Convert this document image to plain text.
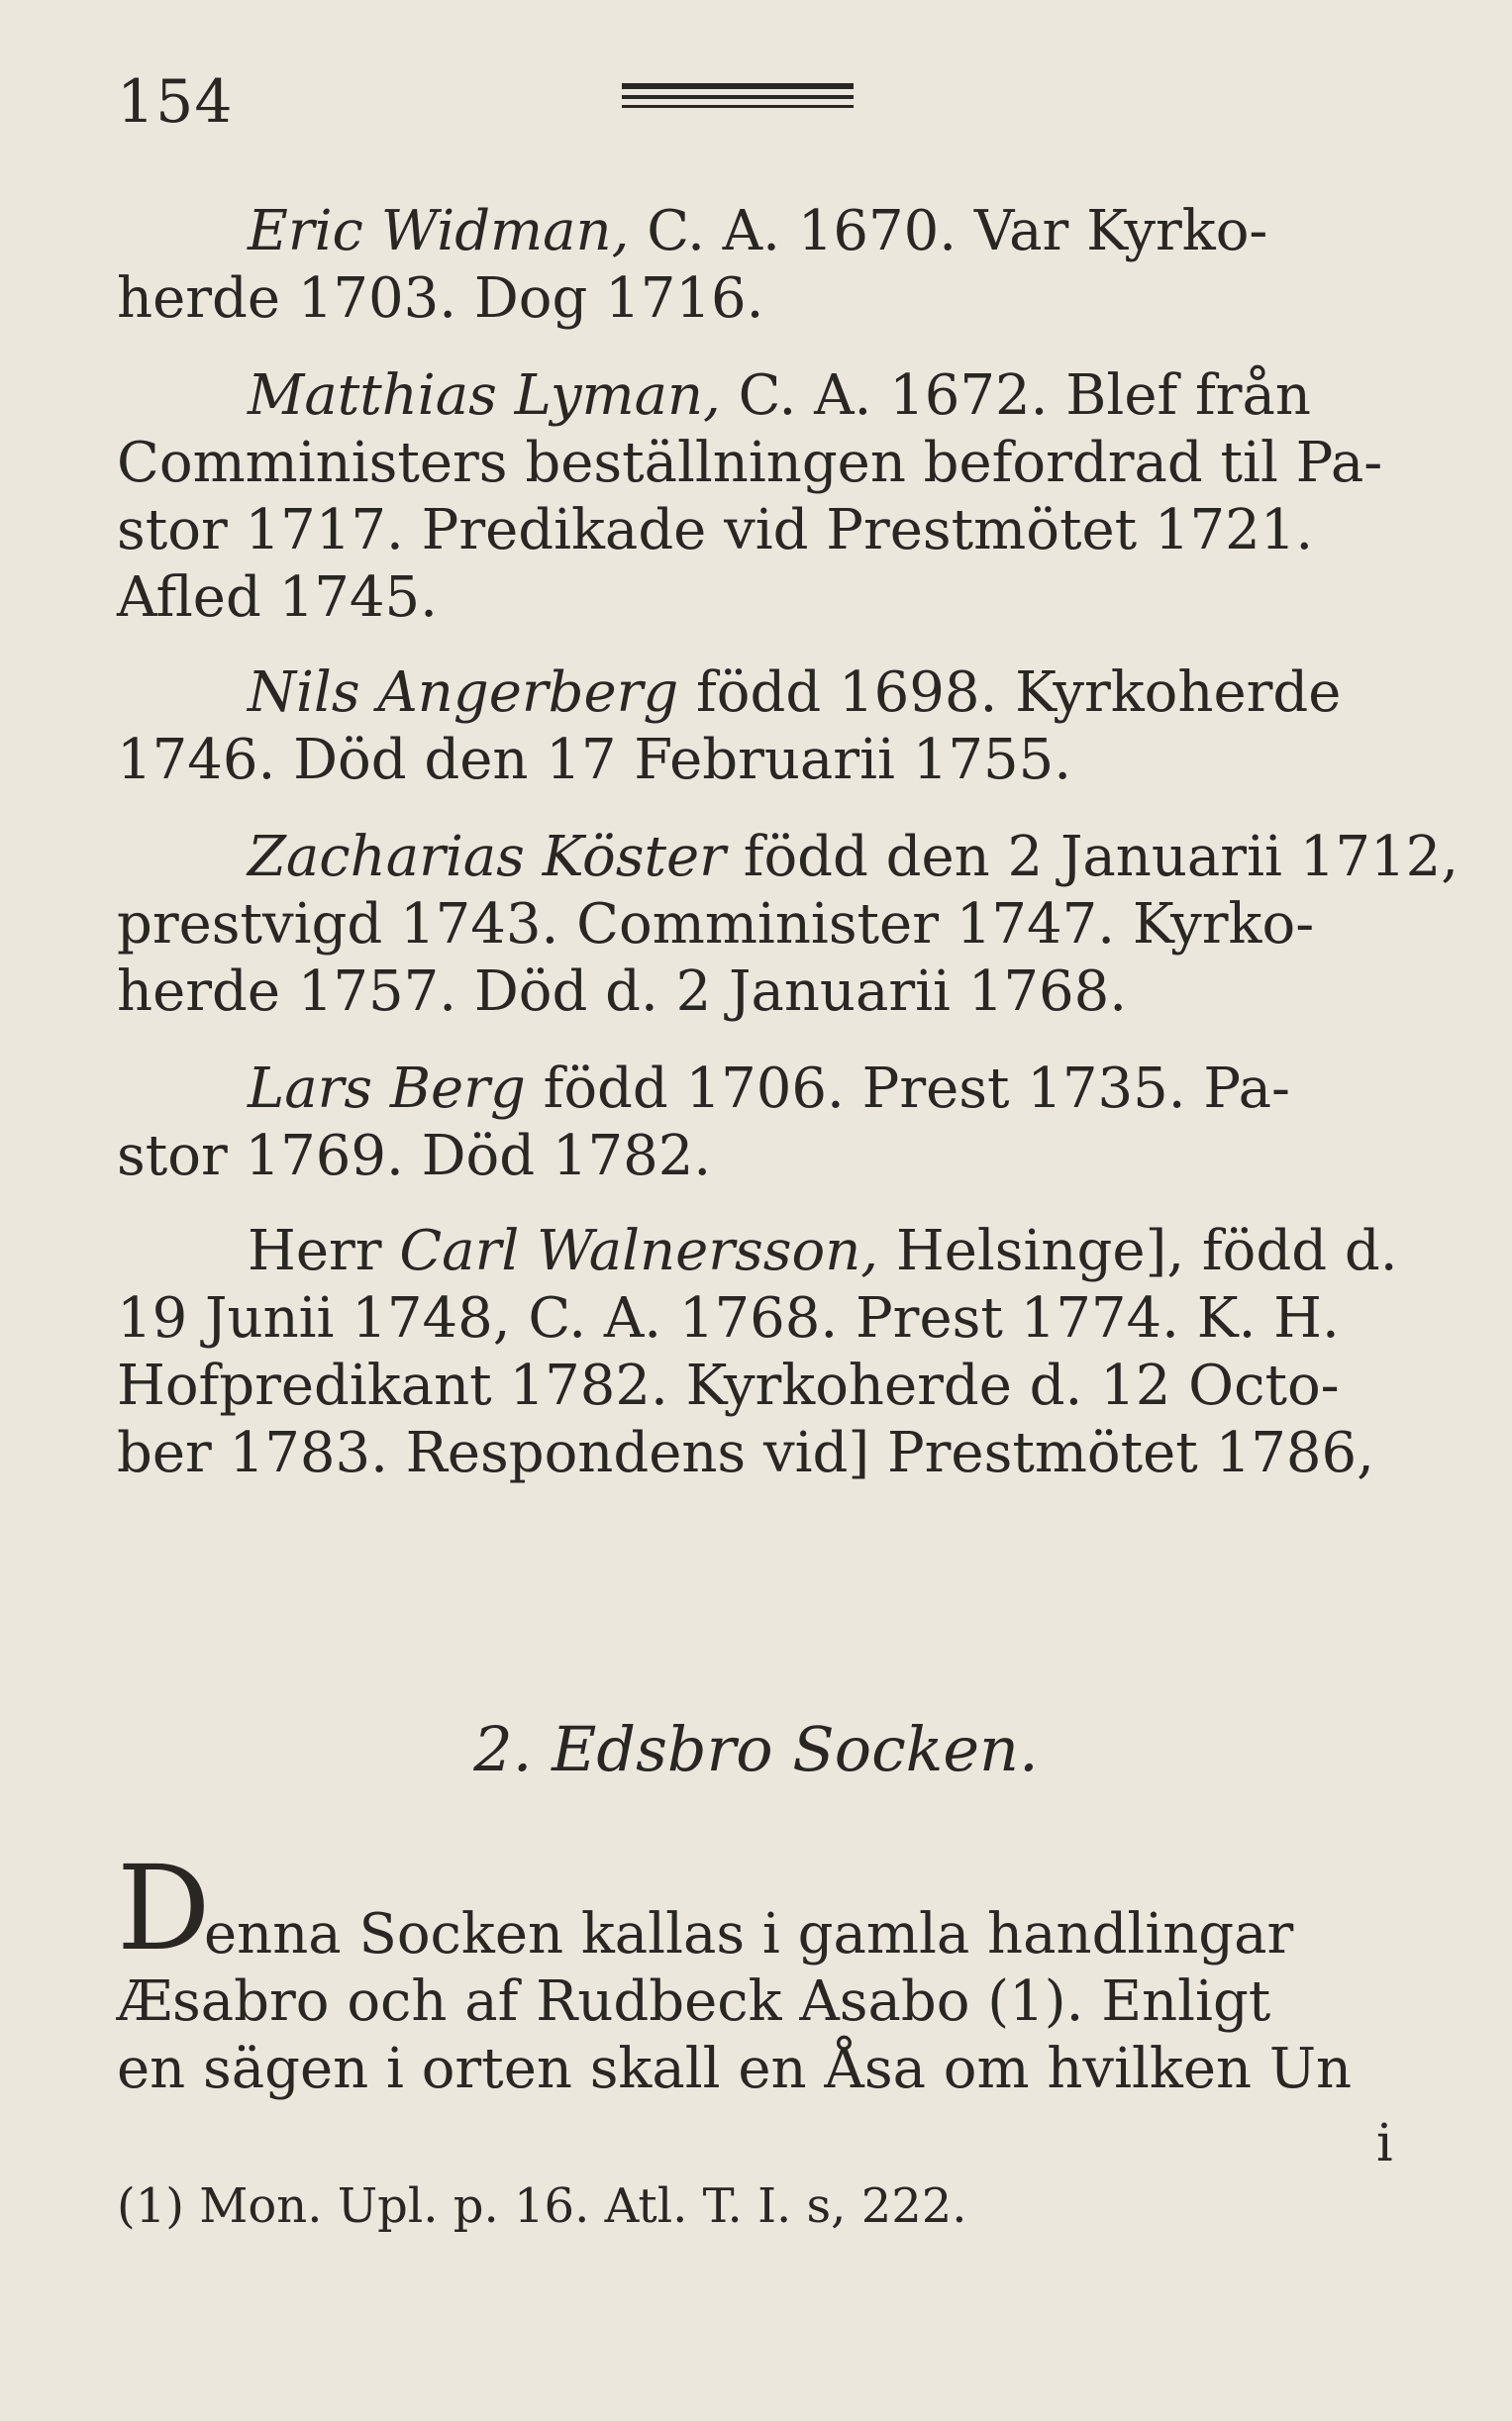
154
Eric Widman, C. A. 1670. Var Kyrko-
herde 1703. Dog 1716.
Matthias Lyman, C. A. 1672. Blef från
Comministers beställningen befordrad til Pa-
stor 1717. Predikade vid Prestmötet 1721.
Afled 1745.
Nils Angerberg född 1698. Kyrkoherde
1746. Död den 17 Februarii 1755.
Zacharias Köster född den 2 Januarii 1712,
prestvigd 1743. Comminister 1747. Kyrko-
herde 1757. Död d. 2 Januarii 1768.
Lars Berg född 1706. Prest 1735. Pa-
stor 1769. Död 1782.
Herr Carl Walnersson, Helsinge], född d.
19 Junii 1748, C. A. 1768. Prest 1774. K. H.
Hofpredikant 1782. Kyrkoherde d. 12 Octo-
ber 1783. Respondens vid] Prestmötet 1786,
2. Edsbro Socken.
D
enna Socken kallas i gamla handlingar
Æsabro och af Rudbeck Asabo (1). Enligt
en sägen i orten skall en Åsa om hvilken Un
i
(1) Mon. Upl. p. 16. Atl. T. I. s, 222.
